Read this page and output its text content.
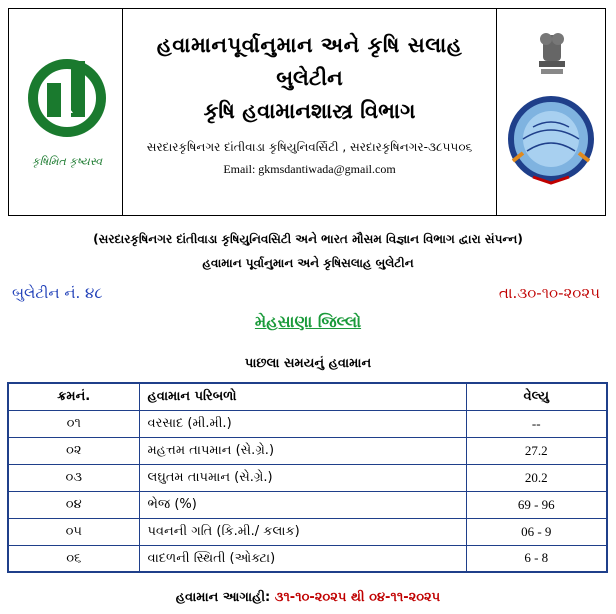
કૃષિમિત કૃષ્યસ્વ
હવામાનપૂર્વાનુમાન અને કૃષિ સલાહ
બુલેટીન
કૃષિ હવામાનશાસ્ત્ર વિભાગ
સરદારકૃષિનગર દાંતીવાડા કૃષિયુનિવર્સિટી , સરદારકૃષિનગર-૩૮૫૫૦૬
Email: gkmsdantiwada@gmail.com
(સરદારકૃષિનગર દાંતીવાડા કૃષિયુનિવસિટી અને ભારત મૌસમ વિજ્ઞાન વિભાગ દ્વારા સંપન્ન)
હવામાન પૂર્વાનુમાન અને કૃષિસલાહ બુલેટીન
બુલેટીન નં. ૪૮	તા.૩૦-૧૦-૨૦૨૫
મેહસાણા જિલ્લો
પાછલા સમયનું હવામાન
ક્રમનં.	હવામાન પરિબળો	વેલ્યુ
૦૧	વરસાદ (મી.મી.)	--
૦૨	મહત્તમ તાપમાન (સે.ગ્રે.)	27.2
૦૩	લઘુતમ તાપમાન (સે.ગ્રે.)	20.2
૦૪	ભેજ (%)	69 - 96
૦૫	પવનની ગતિ (કિ.મી./ કલાક)	06 - 9
૦૬	વાદળની સ્થિતી (ઓક્ટા)	6 - 8
હવામાન આગાહી: ૩૧-૧૦-૨૦૨૫ થી ૦૪-૧૧-૨૦૨૫
